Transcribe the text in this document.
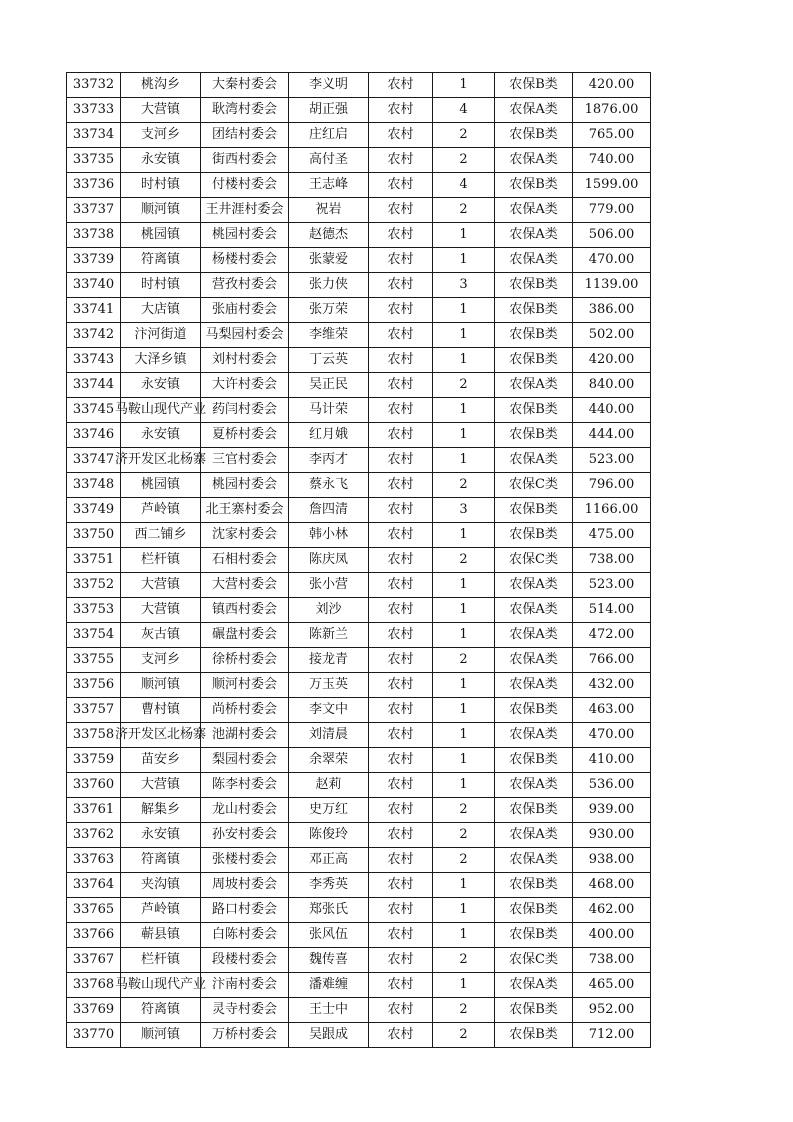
33732	桃沟乡	大秦村委会	李义明	农村	1	农保B类	420.00

33733	大营镇	耿湾村委会	胡正强	农村	4	农保A类	1876.00

33734	支河乡	团结村委会	庄红启	农村	2	农保B类	765.00

33735	永安镇	街西村委会	高付圣	农村	2	农保A类	740.00

33736	时村镇	付楼村委会	王志峰	农村	4	农保B类	1599.00

33737	顺河镇	王井涯村委会	祝岩	农村	2	农保A类	779.00

33738	桃园镇	桃园村委会	赵德杰	农村	1	农保A类	506.00

33739	符离镇	杨楼村委会	张蒙爱	农村	1	农保A类	470.00

33740	时村镇	营孜村委会	张力侠	农村	3	农保B类	1139.00

33741	大店镇	张庙村委会	张万荣	农村	1	农保B类	386.00

33742	汴河街道	马梨园村委会	李维荣	农村	1	农保B类	502.00

33743	大泽乡镇	刘村村委会	丁云英	农村	1	农保B类	420.00

33744	永安镇	大许村委会	吴正民	农村	2	农保A类	840.00

33745	马鞍山现代产业	药闫村委会	马计荣	农村	1	农保B类	440.00

33746	永安镇	夏桥村委会	红月娥	农村	1	农保B类	444.00

33747	济开发区北杨寨	三官村委会	李丙才	农村	1	农保A类	523.00

33748	桃园镇	桃园村委会	蔡永飞	农村	2	农保C类	796.00

33749	芦岭镇	北王寨村委会	詹四清	农村	3	农保B类	1166.00

33750	西二铺乡	沈家村委会	韩小林	农村	1	农保B类	475.00

33751	栏杆镇	石相村委会	陈庆凤	农村	2	农保C类	738.00

33752	大营镇	大营村委会	张小营	农村	1	农保A类	523.00

33753	大营镇	镇西村委会	刘沙	农村	1	农保A类	514.00

33754	灰古镇	碾盘村委会	陈新兰	农村	1	农保A类	472.00

33755	支河乡	徐桥村委会	接龙青	农村	2	农保A类	766.00

33756	顺河镇	顺河村委会	万玉英	农村	1	农保A类	432.00

33757	曹村镇	尚桥村委会	李文中	农村	1	农保B类	463.00

33758	济开发区北杨寨	池湖村委会	刘清晨	农村	1	农保A类	470.00

33759	苗安乡	梨园村委会	余翠荣	农村	1	农保B类	410.00

33760	大营镇	陈李村委会	赵莉	农村	1	农保A类	536.00

33761	解集乡	龙山村委会	史万红	农村	2	农保B类	939.00

33762	永安镇	孙安村委会	陈俊玲	农村	2	农保A类	930.00

33763	符离镇	张楼村委会	邓正高	农村	2	农保A类	938.00

33764	夹沟镇	周坡村委会	李秀英	农村	1	农保B类	468.00

33765	芦岭镇	路口村委会	郑张氏	农村	1	农保B类	462.00

33766	蕲县镇	白陈村委会	张风伍	农村	1	农保B类	400.00

33767	栏杆镇	段楼村委会	魏传喜	农村	2	农保C类	738.00

33768	马鞍山现代产业	汴南村委会	潘难缠	农村	1	农保A类	465.00

33769	符离镇	灵寺村委会	王士中	农村	2	农保B类	952.00

33770	顺河镇	万桥村委会	吴跟成	农村	2	农保B类	712.00
